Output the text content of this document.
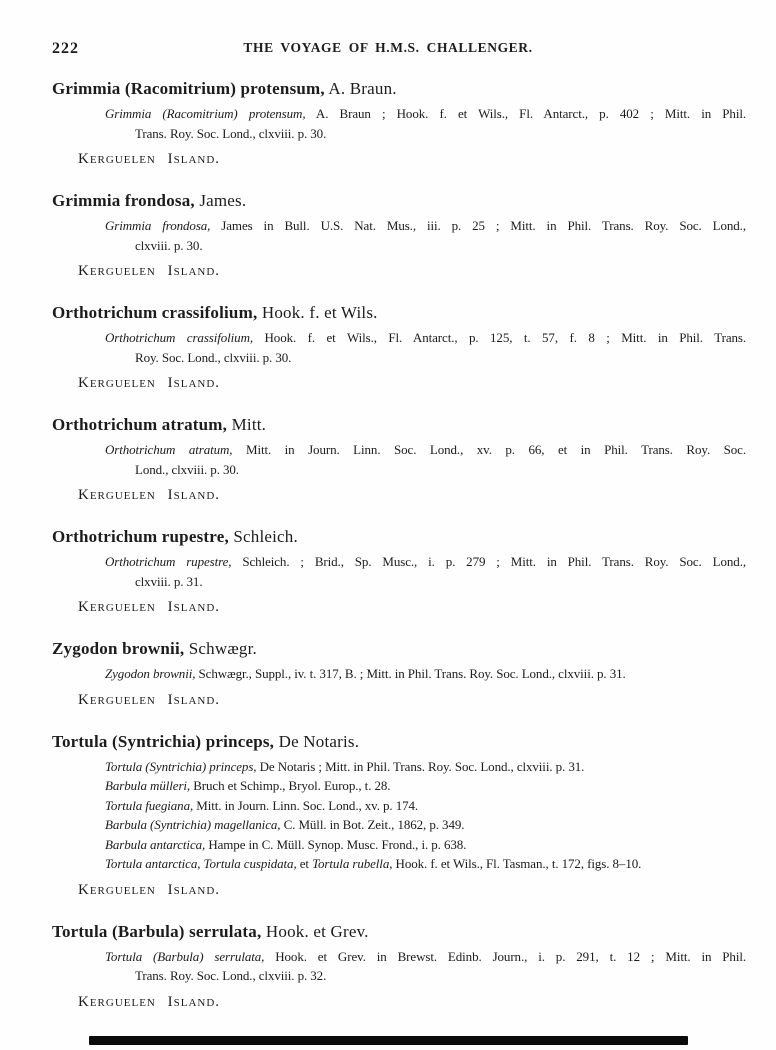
222	THE VOYAGE OF H.M.S. CHALLENGER.
Grimmia (Racomitrium) protensum, A. Braun.
Grimmia (Racomitrium) protensum, A. Braun ; Hook. f. et Wils., Fl. Antarct., p. 402 ; Mitt. in Phil.
Trans. Roy. Soc. Lond., clxviii. p. 30.
Kerguelen Island.
Grimmia frondosa, James.
Grimmia frondosa, James in Bull. U.S. Nat. Mus., iii. p. 25 ; Mitt. in Phil. Trans. Roy. Soc. Lond.,
clxviii. p. 30.
Kerguelen Island.
Orthotrichum crassifolium, Hook. f. et Wils.
Orthotrichum crassifolium, Hook. f. et Wils., Fl. Antarct., p. 125, t. 57, f. 8 ; Mitt. in Phil. Trans.
Roy. Soc. Lond., clxviii. p. 30.
Kerguelen Island.
Orthotrichum atratum, Mitt.
Orthotrichum atratum, Mitt. in Journ. Linn. Soc. Lond., xv. p. 66, et in Phil. Trans. Roy. Soc.
Lond., clxviii. p. 30.
Kerguelen Island.
Orthotrichum rupestre, Schleich.
Orthotrichum rupestre, Schleich. ; Brid., Sp. Musc., i. p. 279 ; Mitt. in Phil. Trans. Roy. Soc. Lond.,
clxviii. p. 31.
Kerguelen Island.
Zygodon brownii, Schwægr.
Zygodon brownii, Schwægr., Suppl., iv. t. 317, B. ; Mitt. in Phil. Trans. Roy. Soc. Lond., clxviii. p. 31.
Kerguelen Island.
Tortula (Syntrichia) princeps, De Notaris.
Tortula (Syntrichia) princeps, De Notaris ; Mitt. in Phil. Trans. Roy. Soc. Lond., clxviii. p. 31.
Barbula mülleri, Bruch et Schimp., Bryol. Europ., t. 28.
Tortula fuegiana, Mitt. in Journ. Linn. Soc. Lond., xv. p. 174.
Barbula (Syntrichia) magellanica, C. Müll. in Bot. Zeit., 1862, p. 349.
Barbula antarctica, Hampe in C. Müll. Synop. Musc. Frond., i. p. 638.
Tortula antarctica, Tortula cuspidata, et Tortula rubella, Hook. f. et Wils., Fl. Tasman., t. 172, figs. 8–10.
Kerguelen Island.
Tortula (Barbula) serrulata, Hook. et Grev.
Tortula (Barbula) serrulata, Hook. et Grev. in Brewst. Edinb. Journ., i. p. 291, t. 12 ; Mitt. in Phil.
Trans. Roy. Soc. Lond., clxviii. p. 32.
Kerguelen Island.
